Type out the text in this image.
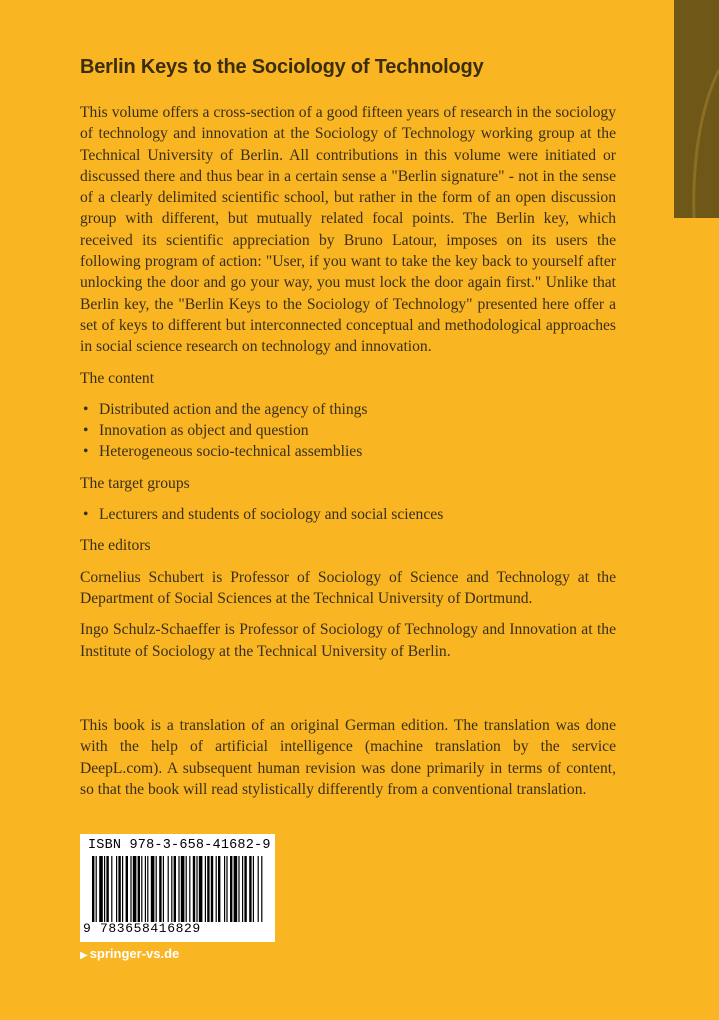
Berlin Keys to the Sociology of Technology

This volume offers a cross-section of a good fifteen years of research in the sociology of technology and innovation at the Sociology of Technology working group at the Technical University of Berlin. All contributions in this volume were initiated or discussed there and thus bear in a certain sense a "Berlin signature" - not in the sense of a clearly delimited scientific school, but rather in the form of an open discussion group with different, but mutually related focal points. The Berlin key, which received its scientific appreciation by Bruno Latour, imposes on its users the following program of action: "User, if you want to take the key back to yourself after unlocking the door and go your way, you must lock the door again first." Unlike that Berlin key, the "Berlin Keys to the Sociology of Technology" presented here offer a set of keys to different but interconnected conceptual and methodological approaches in social science research on technology and innovation.

The content

• Distributed action and the agency of things
• Innovation as object and question
• Heterogeneous socio-technical assemblies

The target groups

• Lecturers and students of sociology and social sciences

The editors

Cornelius Schubert is Professor of Sociology of Science and Technology at the Department of Social Sciences at the Technical University of Dortmund.

Ingo Schulz-Schaeffer is Professor of Sociology of Technology and Innovation at the Institute of Sociology at the Technical University of Berlin.

This book is a translation of an original German edition. The translation was done with the help of artificial intelligence (machine translation by the service DeepL.com). A subsequent human revision was done primarily in terms of content, so that the book will read stylistically differently from a conventional translation.
ISBN 978-3-658-41682-9
9 783658416829
▶ springer-vs.de
